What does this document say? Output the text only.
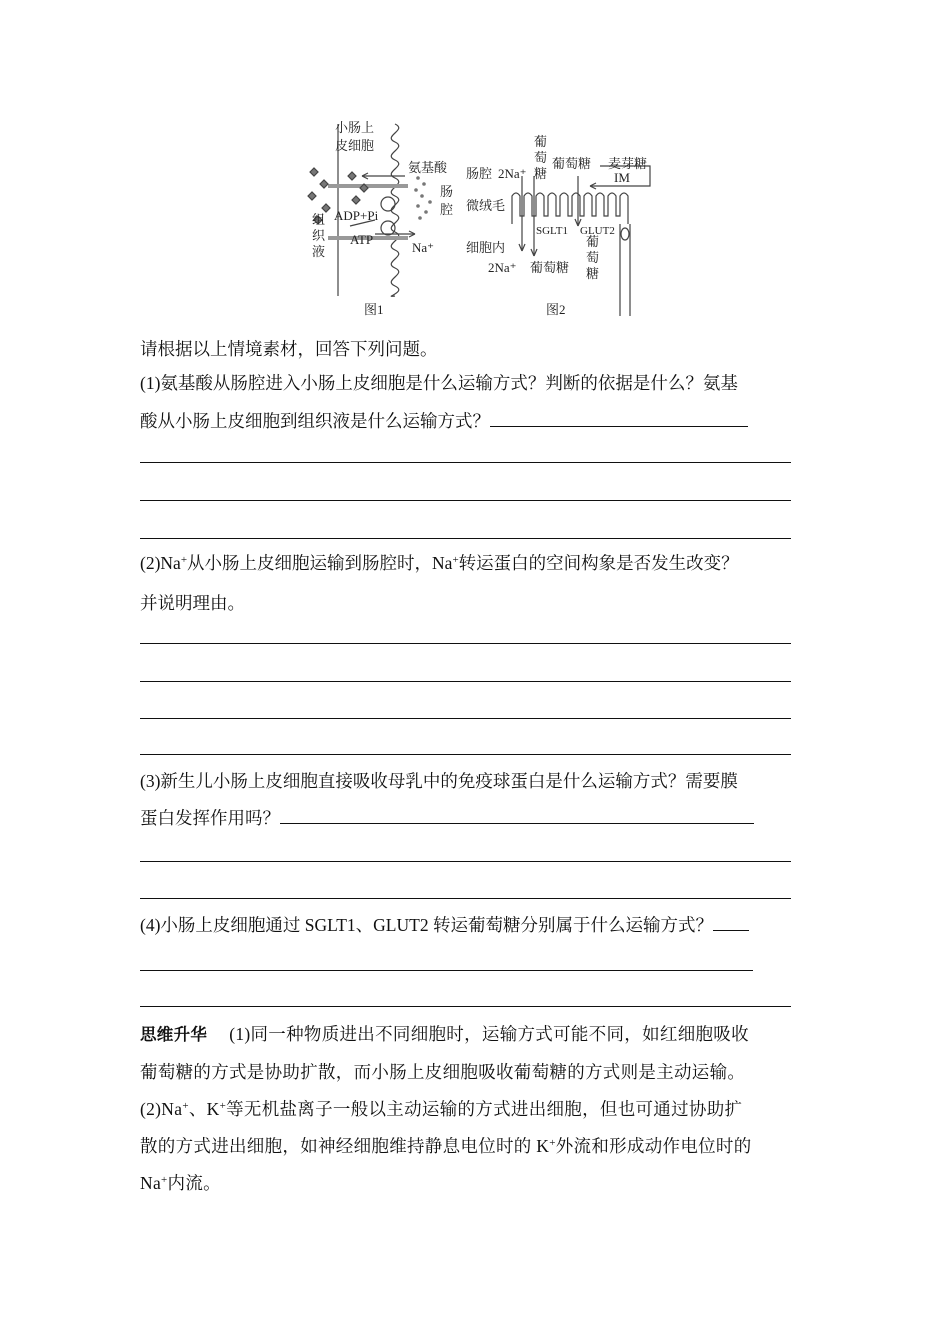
小肠上
皮细胞
氨基酸
肠
腔
组
织
液
ADP+Pi
ATP
Na⁺
图1
肠腔 2Na⁺
葡
萄
糖
葡萄糖 麦芽糖
IM
微绒毛
SGLT1 GLUT2
细胞内
2Na⁺ 葡萄糖
葡
萄
糖
图2
请根据以上情境素材，回答下列问题。
(1)氨基酸从肠腔进入小肠上皮细胞是什么运输方式？判断的依据是什么？氨基
酸从小肠上皮细胞到组织液是什么运输方式？
(2)Na+从小肠上皮细胞运输到肠腔时，Na+转运蛋白的空间构象是否发生改变？
并说明理由。
(3)新生儿小肠上皮细胞直接吸收母乳中的免疫球蛋白是什么运输方式？需要膜
蛋白发挥作用吗？
(4)小肠上皮细胞通过 SGLT1、GLUT2 转运葡萄糖分别属于什么运输方式？
思维升华 (1)同一种物质进出不同细胞时，运输方式可能不同，如红细胞吸收
葡萄糖的方式是协助扩散，而小肠上皮细胞吸收葡萄糖的方式则是主动运输。
(2)Na+、K+等无机盐离子一般以主动运输的方式进出细胞，但也可通过协助扩
散的方式进出细胞，如神经细胞维持静息电位时的 K+外流和形成动作电位时的
Na+内流。
